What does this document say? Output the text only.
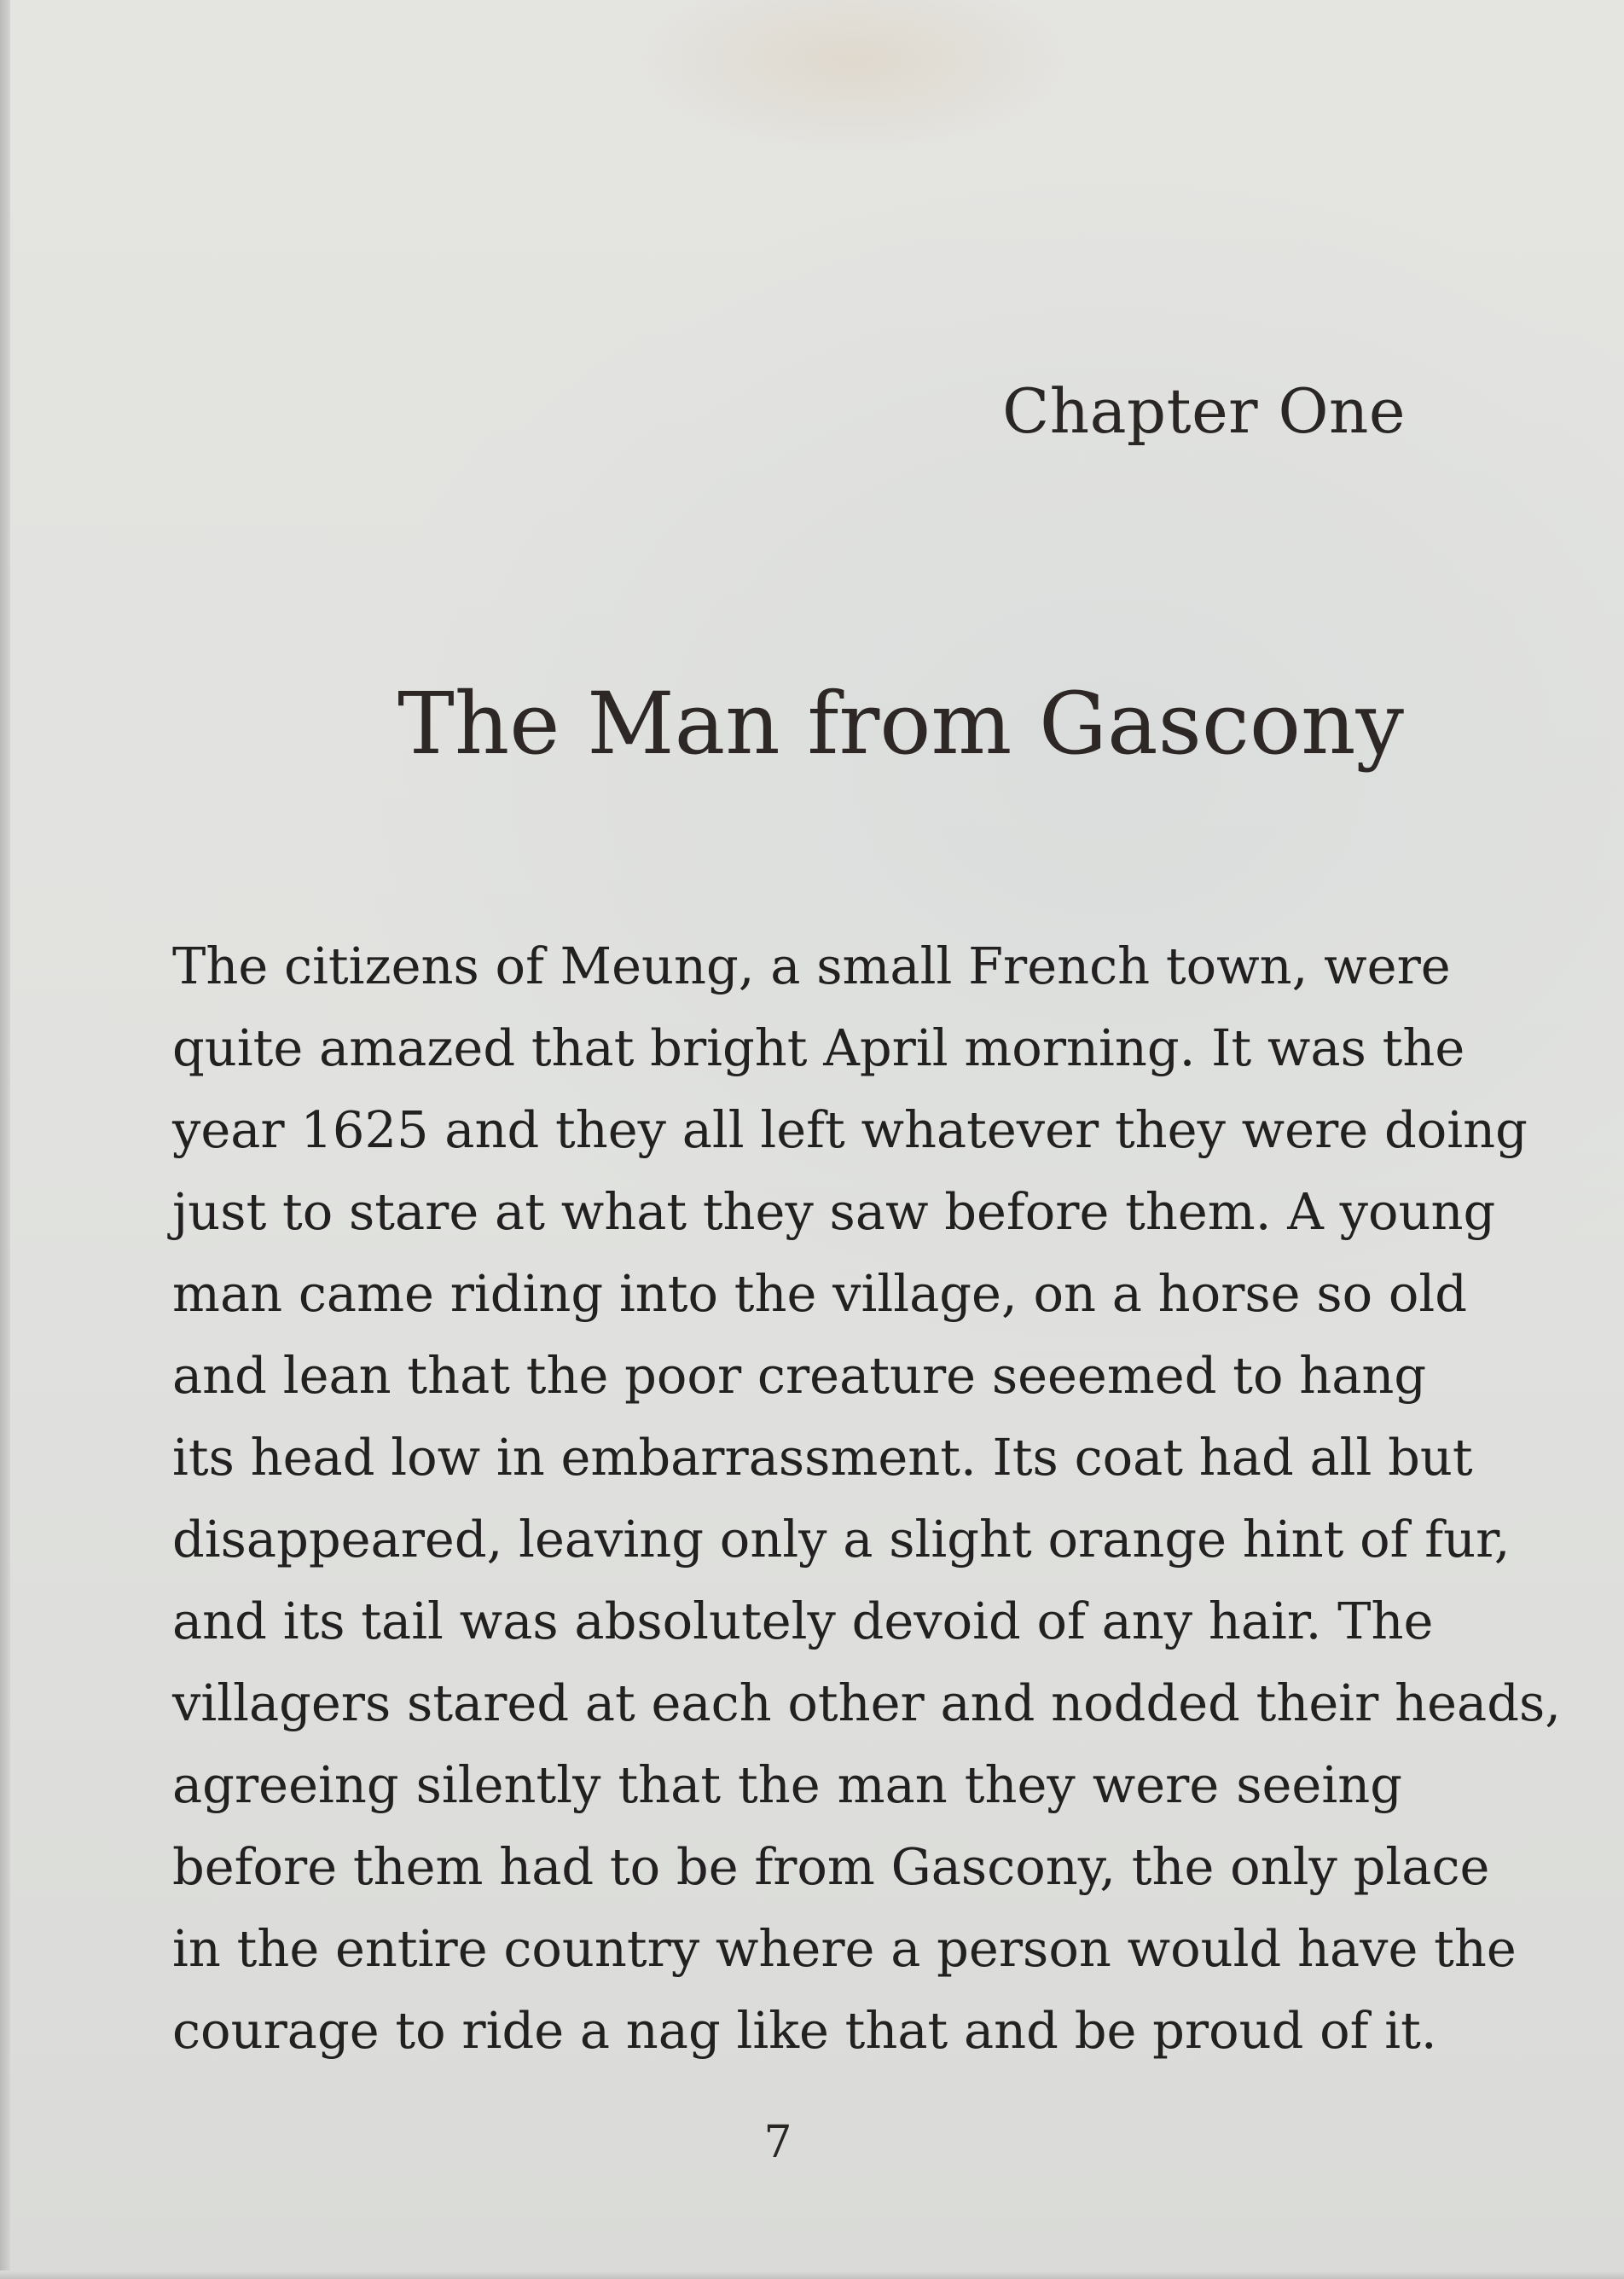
Chapter One
The Man from Gascony
The citizens of Meung, a small French town, were
quite amazed that bright April morning. It was the
year 1625 and they all left whatever they were doing
just to stare at what they saw before them. A young
man came riding into the village, on a horse so old
and lean that the poor creature seeemed to hang
its head low in embarrassment. Its coat had all but
disappeared, leaving only a slight orange hint of fur,
and its tail was absolutely devoid of any hair. The
villagers stared at each other and nodded their heads,
agreeing silently that the man they were seeing
before them had to be from Gascony, the only place
in the entire country where a person would have the
courage to ride a nag like that and be proud of it.
7
